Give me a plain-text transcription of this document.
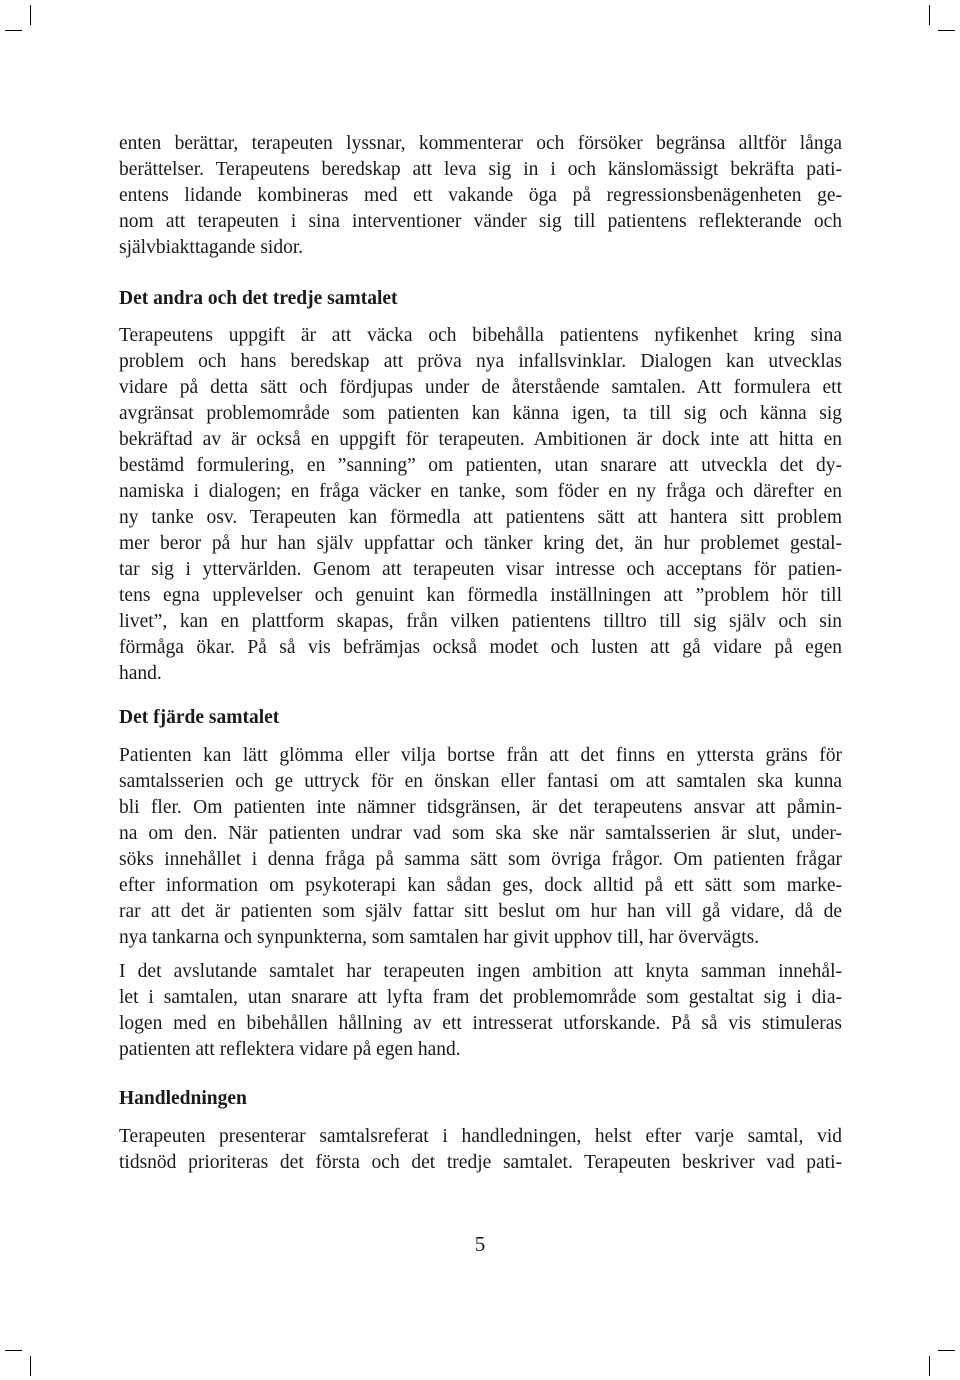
enten berättar, terapeuten lyssnar, kommenterar och försöker begränsa alltför långa
berättelser. Terapeutens beredskap att leva sig in i och känslomässigt bekräfta pati-
entens lidande kombineras med ett vakande öga på regressionsbenägenheten ge-
nom att terapeuten i sina interventioner vänder sig till patientens reflekterande och
självbiakttagande sidor.
Det andra och det tredje samtalet
Terapeutens uppgift är att väcka och bibehålla patientens nyfikenhet kring sina
problem och hans beredskap att pröva nya infallsvinklar. Dialogen kan utvecklas
vidare på detta sätt och fördjupas under de återstående samtalen. Att formulera ett
avgränsat problemområde som patienten kan känna igen, ta till sig och känna sig
bekräftad av är också en uppgift för terapeuten. Ambitionen är dock inte att hitta en
bestämd formulering, en ”sanning” om patienten, utan snarare att utveckla det dy-
namiska i dialogen; en fråga väcker en tanke, som föder en ny fråga och därefter en
ny tanke osv. Terapeuten kan förmedla att patientens sätt att hantera sitt problem
mer beror på hur han själv uppfattar och tänker kring det, än hur problemet gestal-
tar sig i yttervärlden. Genom att terapeuten visar intresse och acceptans för patien-
tens egna upplevelser och genuint kan förmedla inställningen att ”problem hör till
livet”, kan en plattform skapas, från vilken patientens tilltro till sig själv och sin
förmåga ökar. På så vis befrämjas också modet och lusten att gå vidare på egen
hand.
Det fjärde samtalet
Patienten kan lätt glömma eller vilja bortse från att det finns en yttersta gräns för
samtalsserien och ge uttryck för en önskan eller fantasi om att samtalen ska kunna
bli fler. Om patienten inte nämner tidsgränsen, är det terapeutens ansvar att påmin-
na om den. När patienten undrar vad som ska ske när samtalsserien är slut, under-
söks innehållet i denna fråga på samma sätt som övriga frågor. Om patienten frågar
efter information om psykoterapi kan sådan ges, dock alltid på ett sätt som marke-
rar att det är patienten som själv fattar sitt beslut om hur han vill gå vidare, då de
nya tankarna och synpunkterna, som samtalen har givit upphov till, har övervägts.
I det avslutande samtalet har terapeuten ingen ambition att knyta samman innehål-
let i samtalen, utan snarare att lyfta fram det problemområde som gestaltat sig i dia-
logen med en bibehållen hållning av ett intresserat utforskande. På så vis stimuleras
patienten att reflektera vidare på egen hand.
Handledningen
Terapeuten presenterar samtalsreferat i handledningen, helst efter varje samtal, vid
tidsnöd prioriteras det första och det tredje samtalet. Terapeuten beskriver vad pati-
5
